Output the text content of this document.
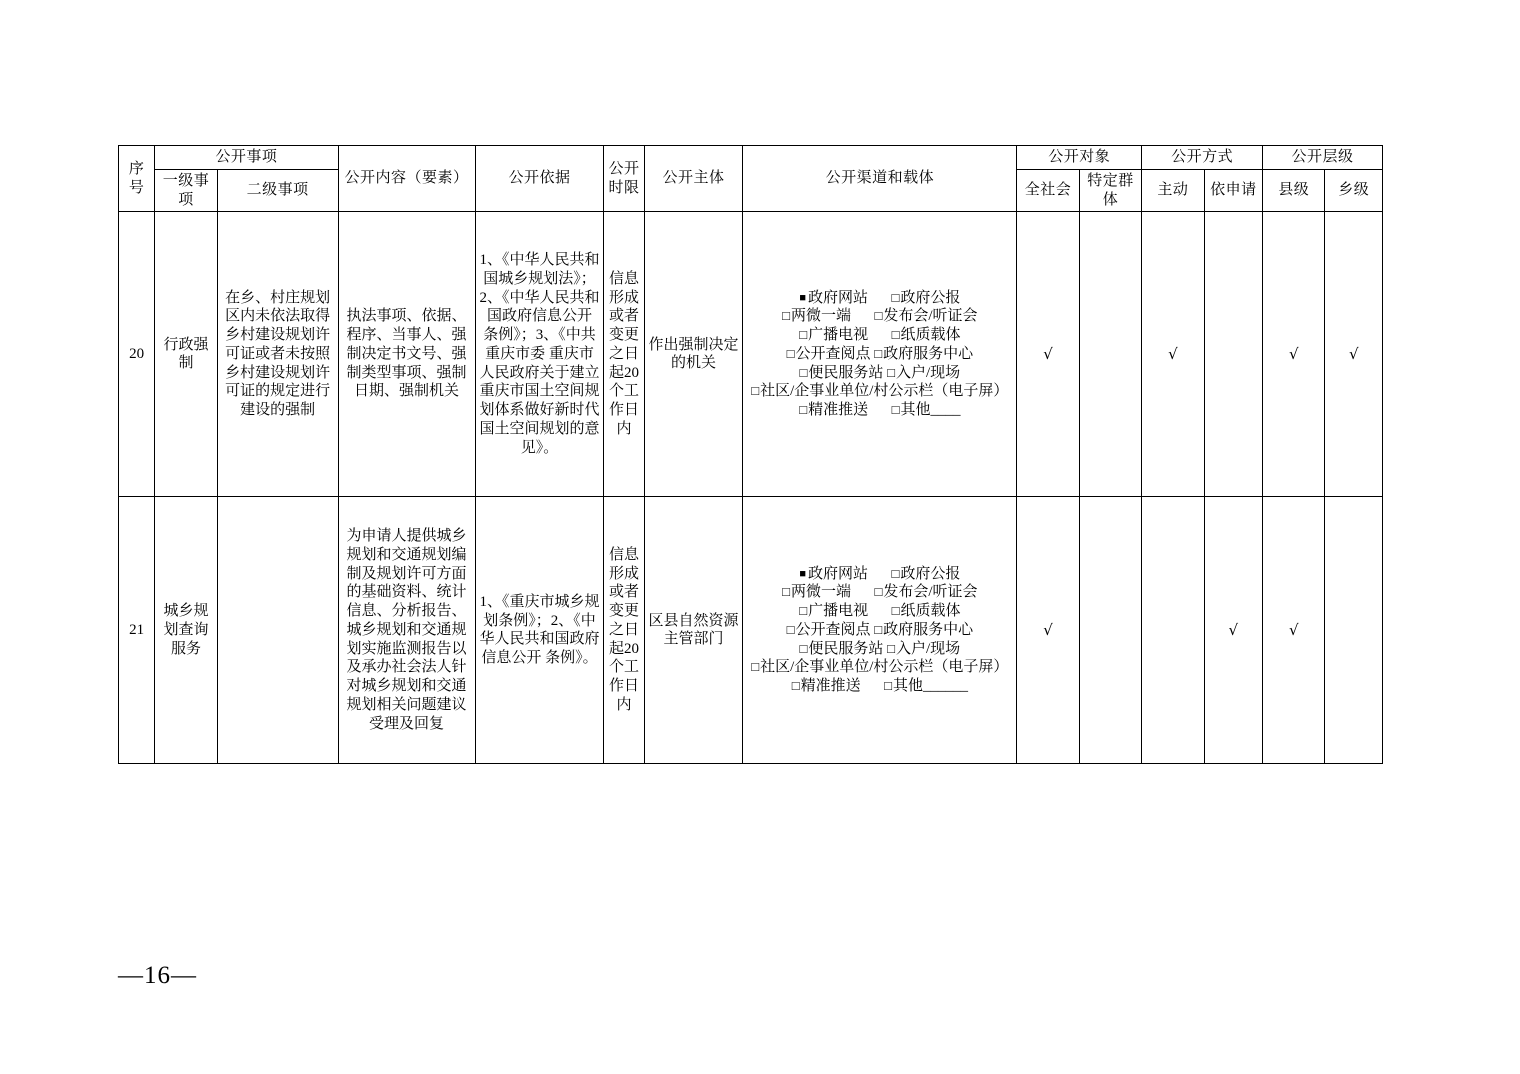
序号	公开事项		公开内容（要素）	公开依据	公开时限	公开主体	公开渠道和载体	公开对象		公开方式		公开层级	
	一级事项	二级事项						全社会	特定群体	主动	依申请	县级	乡级
20	行政强制	在乡、村庄规划区内未依法取得乡村建设规划许可证或者未按照乡村建设规划许可证的规定进行建设的强制	执法事项、依据、程序、当事人、强制决定书文号、强制类型事项、强制日期、强制机关	1、《中华人民共和国城乡规划法》；2、《中华人民共和国政府信息公开 条例》；3、《中共重庆市委 重庆市人民政府关于建立重庆市国土空间规划体系做好新时代国土空间规划的意见》。	信息形成或者变更之日起20个工作日内	作出强制决定的机关	
■ 政府网站 □ 政府公报
□ 两微一端 □ 发布会/听证会
□ 广播电视 □ 纸质载体
□ 公开查阅点 □ 政府服务中心
□ 便民服务站 □ 入户/现场
□ 社区/企事业单位/村公示栏（电子屏）
□ 精准推送 □ 其他____
	√		√		√	√
21	城乡规划查询服务		为申请人提供城乡规划和交通规划编制及规划许可方面的基础资料、统计信息、分析报告、城乡规划和交通规划实施监测报告以及承办社会法人针对城乡规划和交通规划相关问题建议受理及回复	1、《重庆市城乡规划条例》；2、《中华人民共和国政府信息公开 条例》。	信息形成或者变更之日起20个工作日内	区县自然资源主管部门	
■ 政府网站 □ 政府公报
□ 两微一端 □ 发布会/听证会
□ 广播电视 □ 纸质载体
□ 公开查阅点 □ 政府服务中心
□ 便民服务站 □ 入户/现场
□ 社区/企事业单位/村公示栏（电子屏）
□ 精准推送 □ 其他______
	√			√	√	
—16—
